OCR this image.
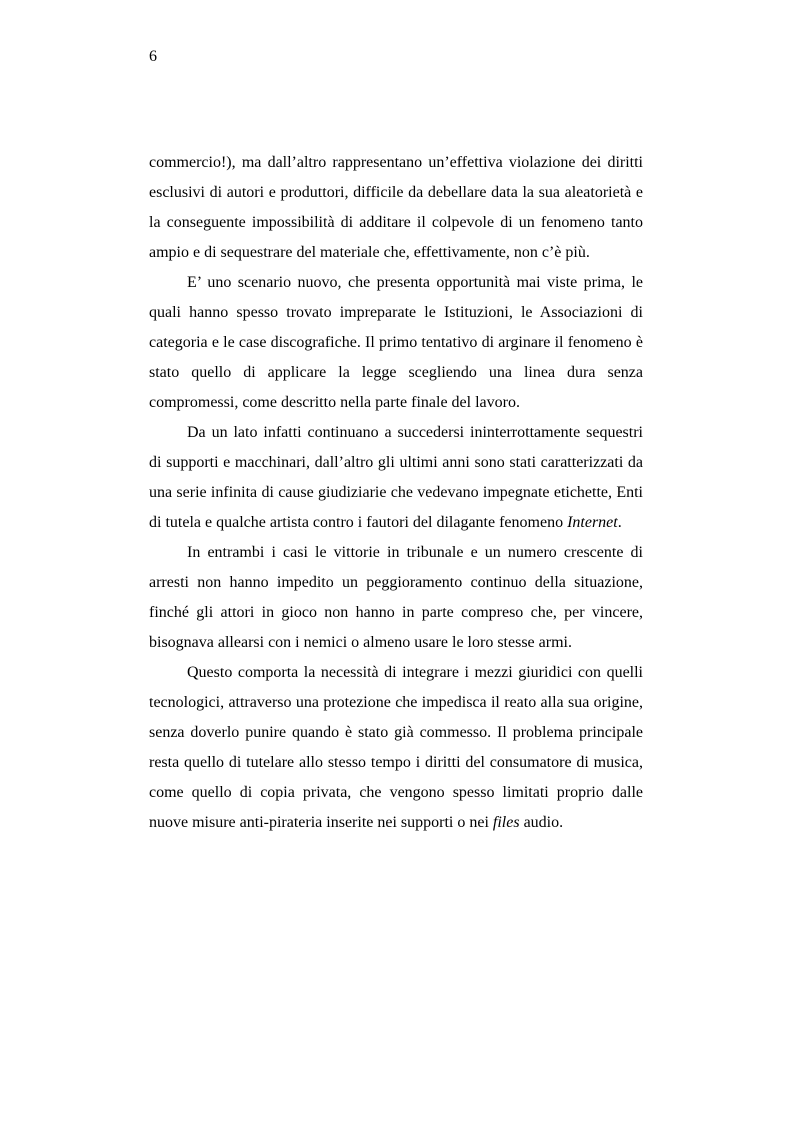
6

commercio!), ma dall’altro rappresentano un’effettiva violazione dei diritti esclusivi di autori e produttori, difficile da debellare data la sua aleatorietà e la conseguente impossibilità di additare il colpevole di un fenomeno tanto ampio e di sequestrare del materiale che, effettivamente, non c’è più.

E’ uno scenario nuovo, che presenta opportunità mai viste prima, le quali hanno spesso trovato impreparate le Istituzioni, le Associazioni di categoria e le case discografiche. Il primo tentativo di arginare il fenomeno è stato quello di applicare la legge scegliendo una linea dura senza compromessi, come descritto nella parte finale del lavoro.

Da un lato infatti continuano a succedersi ininterrottamente sequestri di supporti e macchinari, dall’altro gli ultimi anni sono stati caratterizzati da una serie infinita di cause giudiziarie che vedevano impegnate etichette, Enti di tutela e qualche artista contro i fautori del dilagante fenomeno Internet.

In entrambi i casi le vittorie in tribunale e un numero crescente di arresti non hanno impedito un peggioramento continuo della situazione, finché gli attori in gioco non hanno in parte compreso che, per vincere, bisognava allearsi con i nemici o almeno usare le loro stesse armi.

Questo comporta la necessità di integrare i mezzi giuridici con quelli tecnologici, attraverso una protezione che impedisca il reato alla sua origine, senza doverlo punire quando è stato già commesso. Il problema principale resta quello di tutelare allo stesso tempo i diritti del consumatore di musica, come quello di copia privata, che vengono spesso limitati proprio dalle nuove misure anti-pirateria inserite nei supporti o nei files audio.
